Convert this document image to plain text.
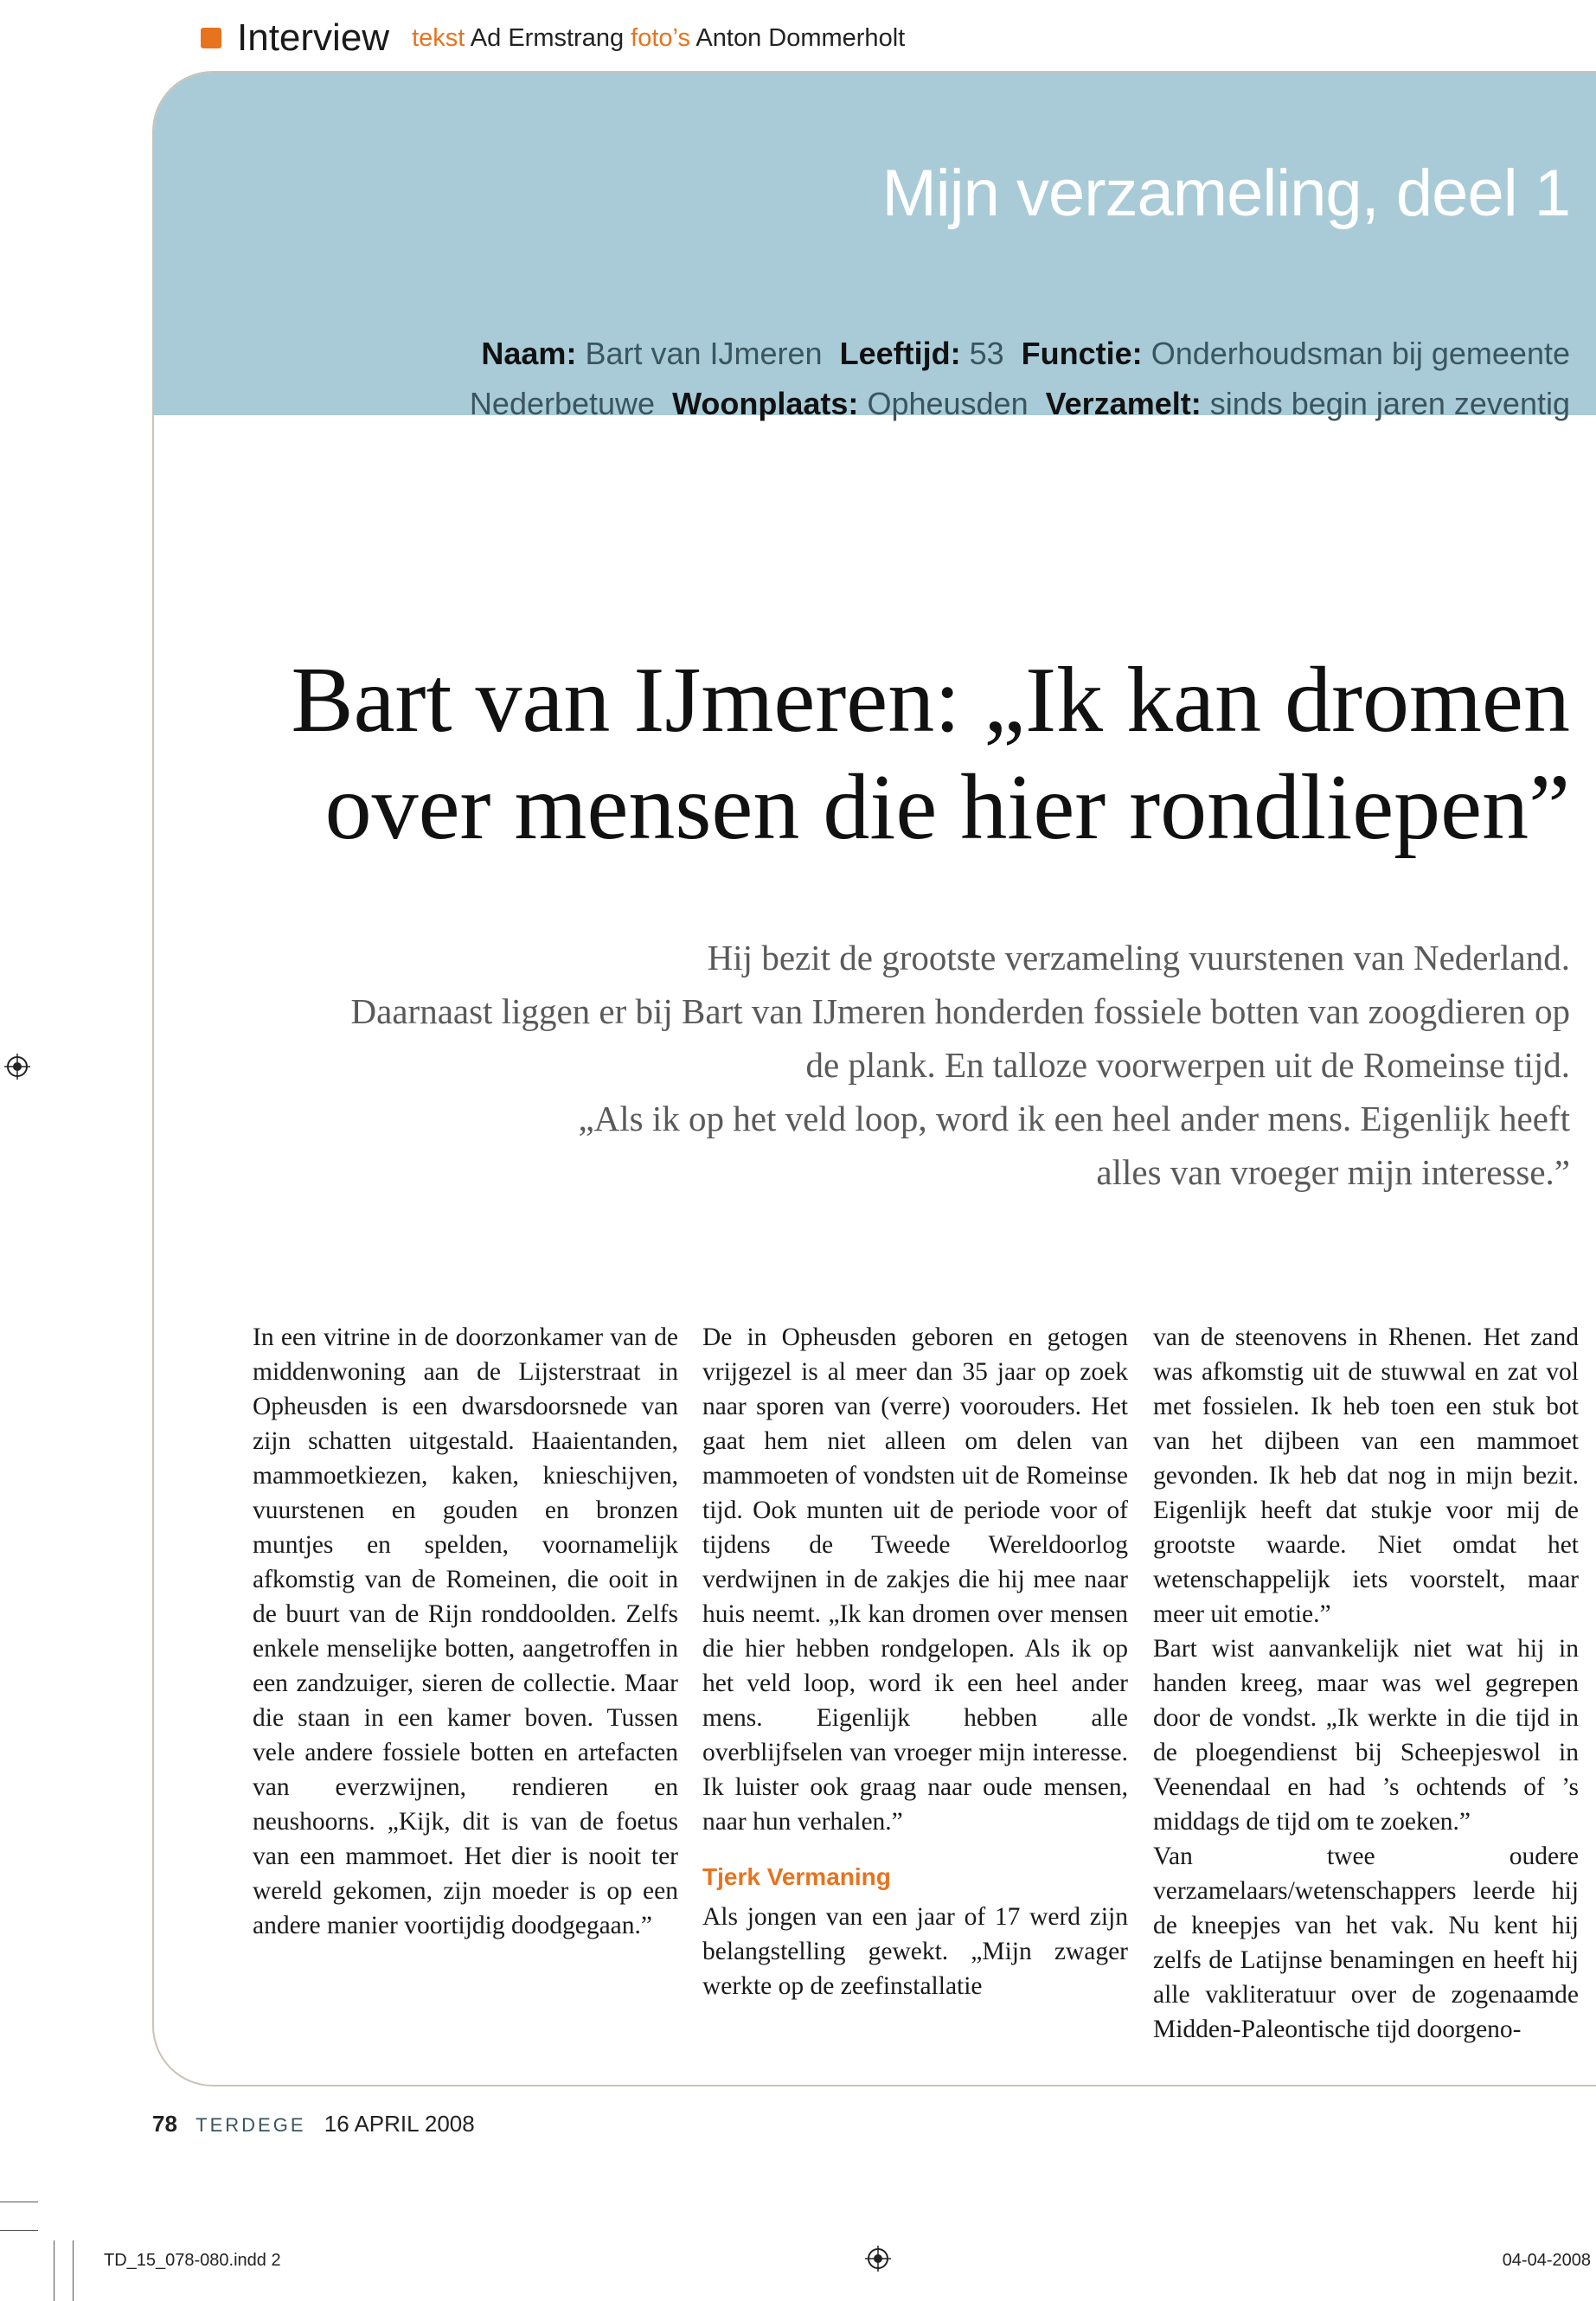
Interview tekst Ad Ermstrang foto’s Anton Dommerholt
Mijn verzameling, deel 1
Naam: Bart van IJmeren Leeftijd: 53 Functie: Onderhoudsman bij gemeente Nederbetuwe Woonplaats: Opheusden Verzamelt: sinds begin jaren zeventig
Bart van IJmeren: „Ik kan dromen
over mensen die hier rondliepen”
Hij bezit de grootste verzameling vuurstenen van Nederland.
Daarnaast liggen er bij Bart van IJmeren honderden fossiele botten van zoogdieren op
de plank. En talloze voorwerpen uit de Romeinse tijd.
„Als ik op het veld loop, word ik een heel ander mens. Eigenlijk heeft
alles van vroeger mijn interesse.”

In een vitrine in de doorzonkamer van de middenwoning aan de Lijsterstraat in Opheusden is een dwarsdoorsnede van zijn schatten uitgestald. Haaientanden, mammoetkiezen, kaken, knieschijven, vuurstenen en gouden en bronzen muntjes en spelden, voornamelijk afkomstig van de Romeinen, die ooit in de buurt van de Rijn ronddoolden. Zelfs enkele menselijke botten, aangetroffen in een zandzuiger, sieren de collectie. Maar die staan in een kamer boven. Tussen vele andere fossiele botten en artefacten van everzwijnen, rendieren en neushoorns. „Kijk, dit is van de foetus van een mammoet. Het dier is nooit ter wereld gekomen, zijn moeder is op een andere manier voortijdig doodgegaan.”

De in Opheusden geboren en getogen vrijgezel is al meer dan 35 jaar op zoek naar sporen van (verre) voorouders. Het gaat hem niet alleen om delen van mammoeten of vondsten uit de Romeinse tijd. Ook munten uit de periode voor of tijdens de Tweede Wereldoorlog verdwijnen in de zakjes die hij mee naar huis neemt. „Ik kan dromen over mensen die hier hebben rondgelopen. Als ik op het veld loop, word ik een heel ander mens. Eigenlijk hebben alle overblijfselen van vroeger mijn interesse. Ik luister ook graag naar oude mensen, naar hun verhalen.”

Tjerk Vermaning

Als jongen van een jaar of 17 werd zijn belangstelling gewekt. „Mijn zwager werkte op de zeefinstallatie

van de steenovens in Rhenen. Het zand was afkomstig uit de stuwwal en zat vol met fossielen. Ik heb toen een stuk bot van het dijbeen van een mammoet gevonden. Ik heb dat nog in mijn bezit. Eigenlijk heeft dat stukje voor mij de grootste waarde. Niet omdat het wetenschappelijk iets voorstelt, maar meer uit emotie.”

Bart wist aanvankelijk niet wat hij in handen kreeg, maar was wel gegrepen door de vondst. „Ik werkte in die tijd in de ploegendienst bij Scheepjeswol in Veenendaal en had ’s ochtends of ’s middags de tijd om te zoeken.”

Van twee oudere verzamelaars/wetenschappers leerde hij de kneepjes van het vak. Nu kent hij zelfs de Latijnse benamingen en heeft hij alle vakliteratuur over de zogenaamde Midden-Paleontische tijd doorgeno-

78 TERDEGE 16 APRIL 2008
TD_15_078-080.indd 2	04-04-2008
